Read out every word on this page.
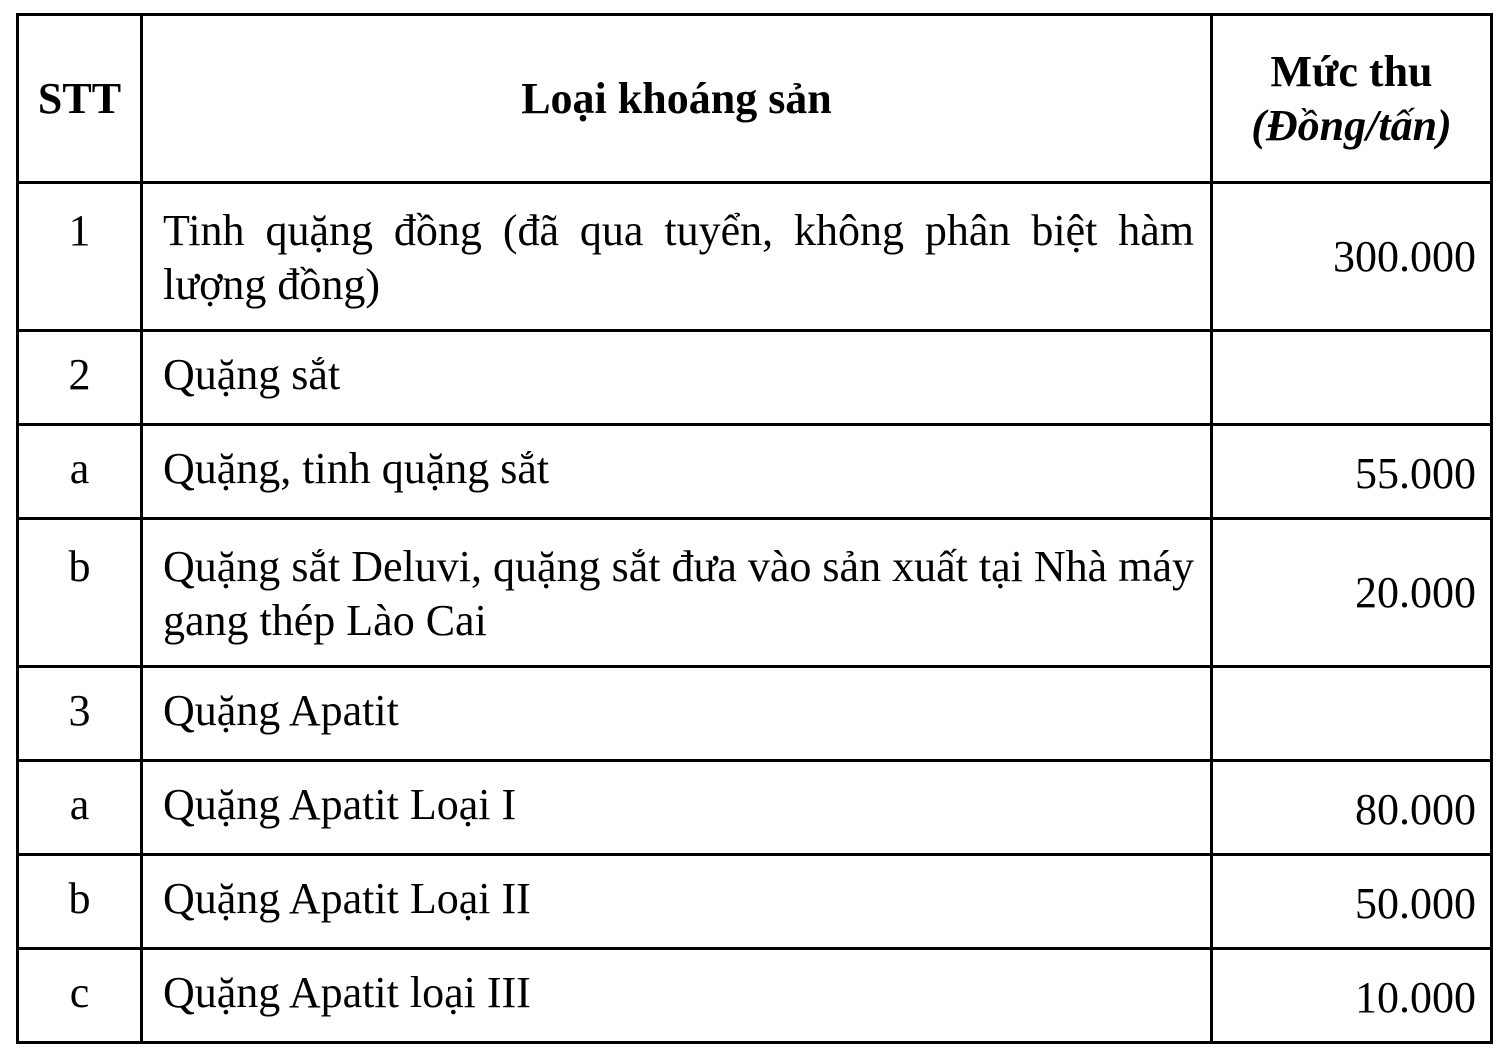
STT	Loại khoáng sản	Mức thu
(Đồng/tấn)

1	Tinh quặng đồng (đã qua tuyển, không phân biệt hàm lượng đồng)	300.000
2	Quặng sắt	
a	Quặng, tinh quặng sắt	55.000
b	Quặng sắt Deluvi, quặng sắt đưa vào sản xuất tại Nhà máy gang thép Lào Cai	20.000
3	Quặng Apatit	
a	Quặng Apatit Loại I	80.000
b	Quặng Apatit Loại II	50.000
c	Quặng Apatit loại III	10.000
